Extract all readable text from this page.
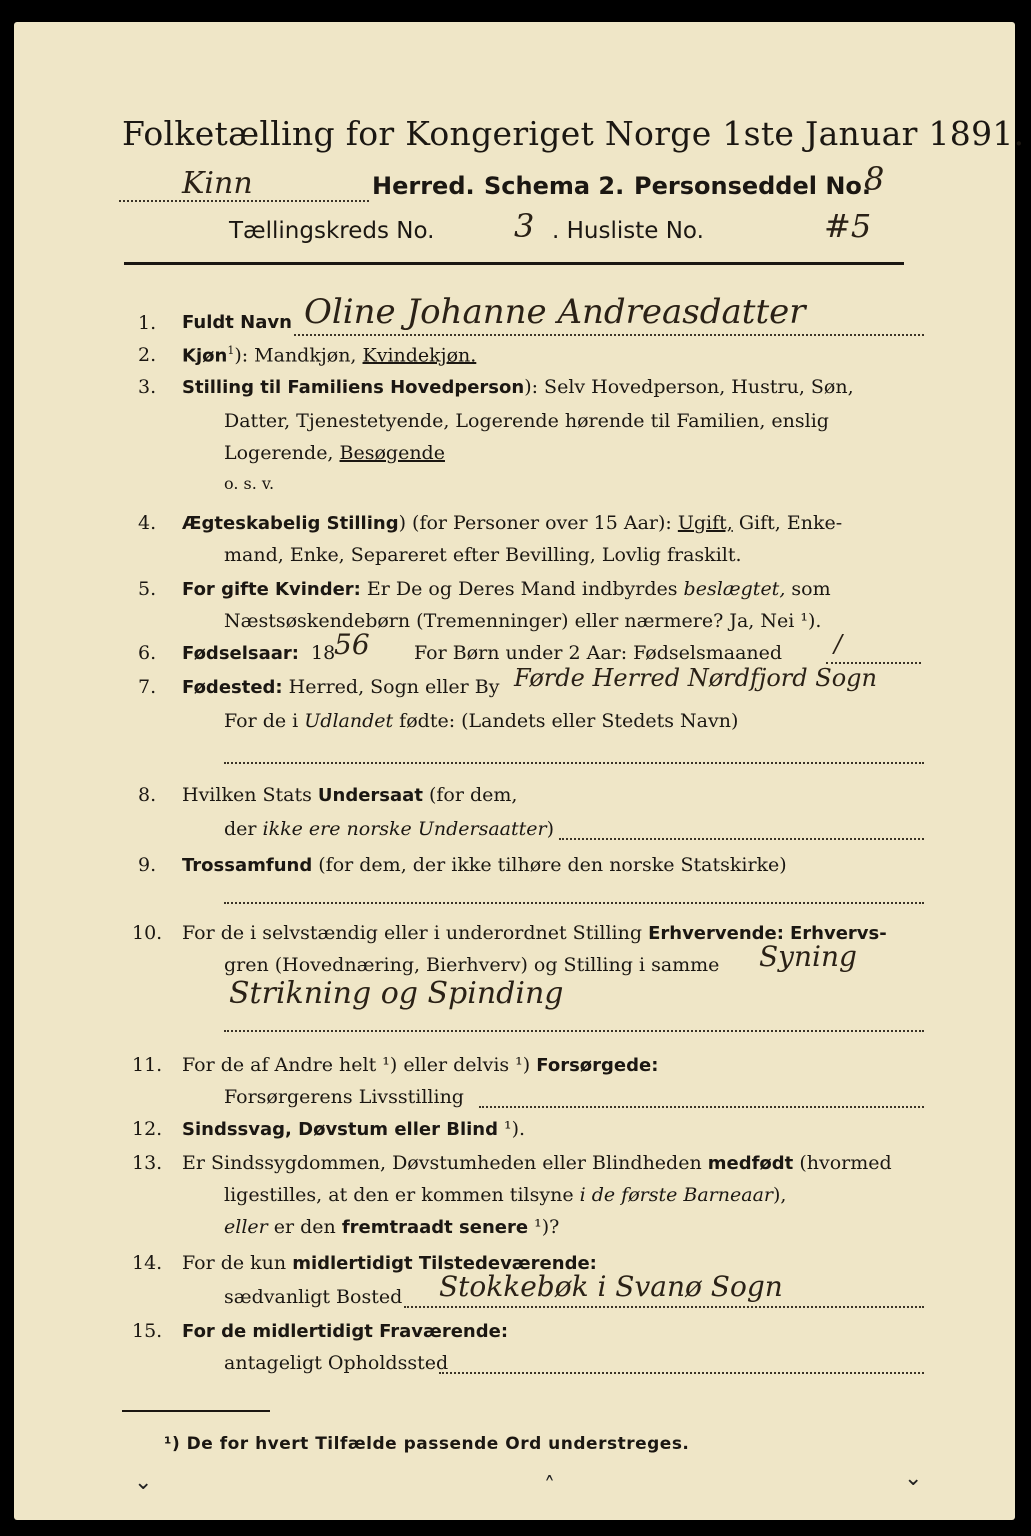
Folketælling for Kongeriget Norge 1ste Januar 1891.
Kinn	Herred. Schema 2. Personseddel No.
8
Tællingskreds No. 3 . Husliste No.	#5
1. Fuldt Navn Oline Johanne Andreasdatter
2. Kjøn$^1$): Mandkjøn, Kvindekjøn.
3. Stilling til Familiens Hovedperson): Selv Hovedperson, Hustru, Søn,
Datter, Tjenestetyende, Logerende hørende til Familien, enslig
Logerende, Besøgende
o. s. v.
4. Ægteskabelig Stilling) (for Personer over 15 Aar): Ugift, Gift, Enke-
mand, Enke, Separeret efter Bevilling, Lovlig fraskilt.
5. For gifte Kvinder: Er De og Deres Mand indbyrdes beslægtet, som
Næstsøskendebørn (Tremenninger) eller nærmere? Ja, Nei ¹).
6. Fødselsaar: 18
56 For Børn under 2 Aar: Fødselsmaaned /
7. Fødested: Herred, Sogn eller By Førde Herred Nørdfjord Sogn
For de i Udlandet fødte: (Landets eller Stedets Navn)
8. Hvilken Stats Undersaat (for dem,
der ikke ere norske Undersaatter)
9. Trossamfund (for dem, der ikke tilhøre den norske Statskirke)
10. For de i selvstændig eller i underordnet Stilling Erhvervende: Erhvervs-
gren (Hovednæring, Bierhverv) og Stilling i samme Syning
Strikning og Spinding
11. For de af Andre helt ¹) eller delvis ¹) Forsørgede:
Forsørgerens Livsstilling
12. Sindssvag, Døvstum eller Blind ¹).
13. Er Sindssygdommen, Døvstumheden eller Blindheden medfødt (hvormed
ligestilles, at den er kommen tilsyne i de første Barneaar),
eller er den fremtraadt senere ¹)?
14. For de kun midlertidigt Tilstedeværende:
sædvanligt Bosted Stokkebøk i Svanø Sogn
15. For de midlertidigt Fraværende:
antageligt Opholdssted
¹) De for hvert Tilfælde passende Ord understreges.
⌄	˄	⌄
